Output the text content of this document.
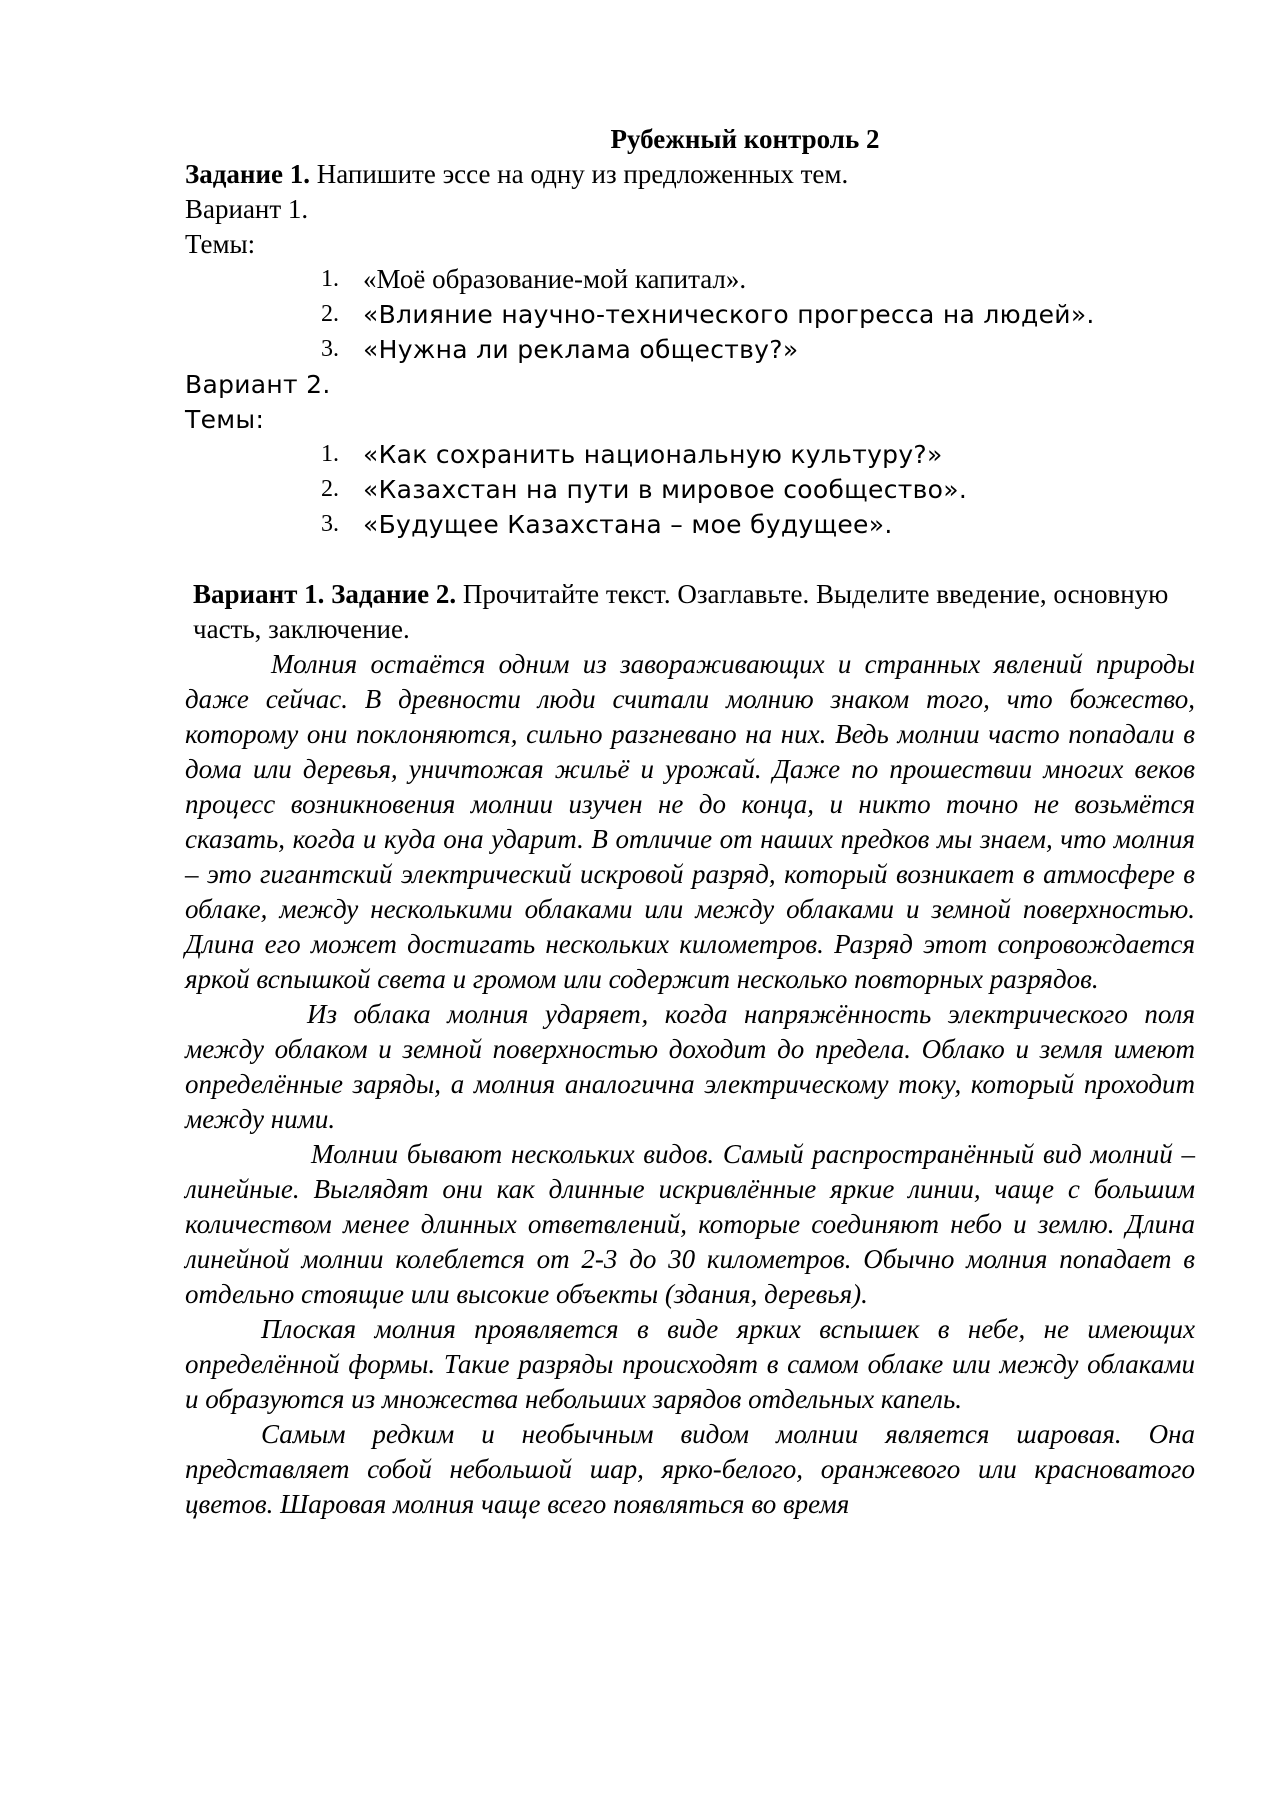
Рубежный контроль 2
Задание 1. Напишите эссе на одну из предложенных тем.
Вариант 1.
Темы:
1. «Моё образование-мой капитал».
2. «Влияние научно-технического прогресса на людей».
3. «Нужна ли реклама обществу?»
Вариант 2.
Темы:
1. «Как сохранить национальную культуру?»
2. «Казахстан на пути в мировое сообщество».
3. «Будущее Казахстана – мое будущее».
Вариант 1. Задание 2. Прочитайте текст. Озаглавьте. Выделите введение, основную часть, заключение.

Молния остаётся одним из завораживающих и странных явлений природы даже сейчас. В древности люди считали молнию знаком того, что божество, которому они поклоняются, сильно разгневано на них. Ведь молнии часто попадали в дома или деревья, уничтожая жильё и урожай. Даже по прошествии многих веков процесс возникновения молнии изучен не до конца, и никто точно не возьмётся сказать, когда и куда она ударит. В отличие от наших предков мы знаем, что молния – это гигантский электрический искровой разряд, который возникает в атмосфере в облаке, между несколькими облаками или между облаками и земной поверхностью. Длина его может достигать нескольких километров. Разряд этот сопровождается яркой вспышкой света и громом или содержит несколько повторных разрядов.

Из облака молния ударяет, когда напряжённость электрического поля между облаком и земной поверхностью доходит до предела. Облако и земля имеют определённые заряды, а молния аналогична электрическому току, который проходит между ними.

Молнии бывают нескольких видов. Самый распространённый вид молний – линейные. Выглядят они как длинные искривлённые яркие линии, чаще с большим количеством менее длинных ответвлений, которые соединяют небо и землю. Длина линейной молнии колеблется от 2-3 до 30 километров. Обычно молния попадает в отдельно стоящие или высокие объекты (здания, деревья).

Плоская молния проявляется в виде ярких вспышек в небе, не имеющих определённой формы. Такие разряды происходят в самом облаке или между облаками и образуются из множества небольших зарядов отдельных капель.

Самым редким и необычным видом молнии является шаровая. Она представляет собой небольшой шар, ярко-белого, оранжевого или красноватого цветов. Шаровая молния чаще всего появляться во время
